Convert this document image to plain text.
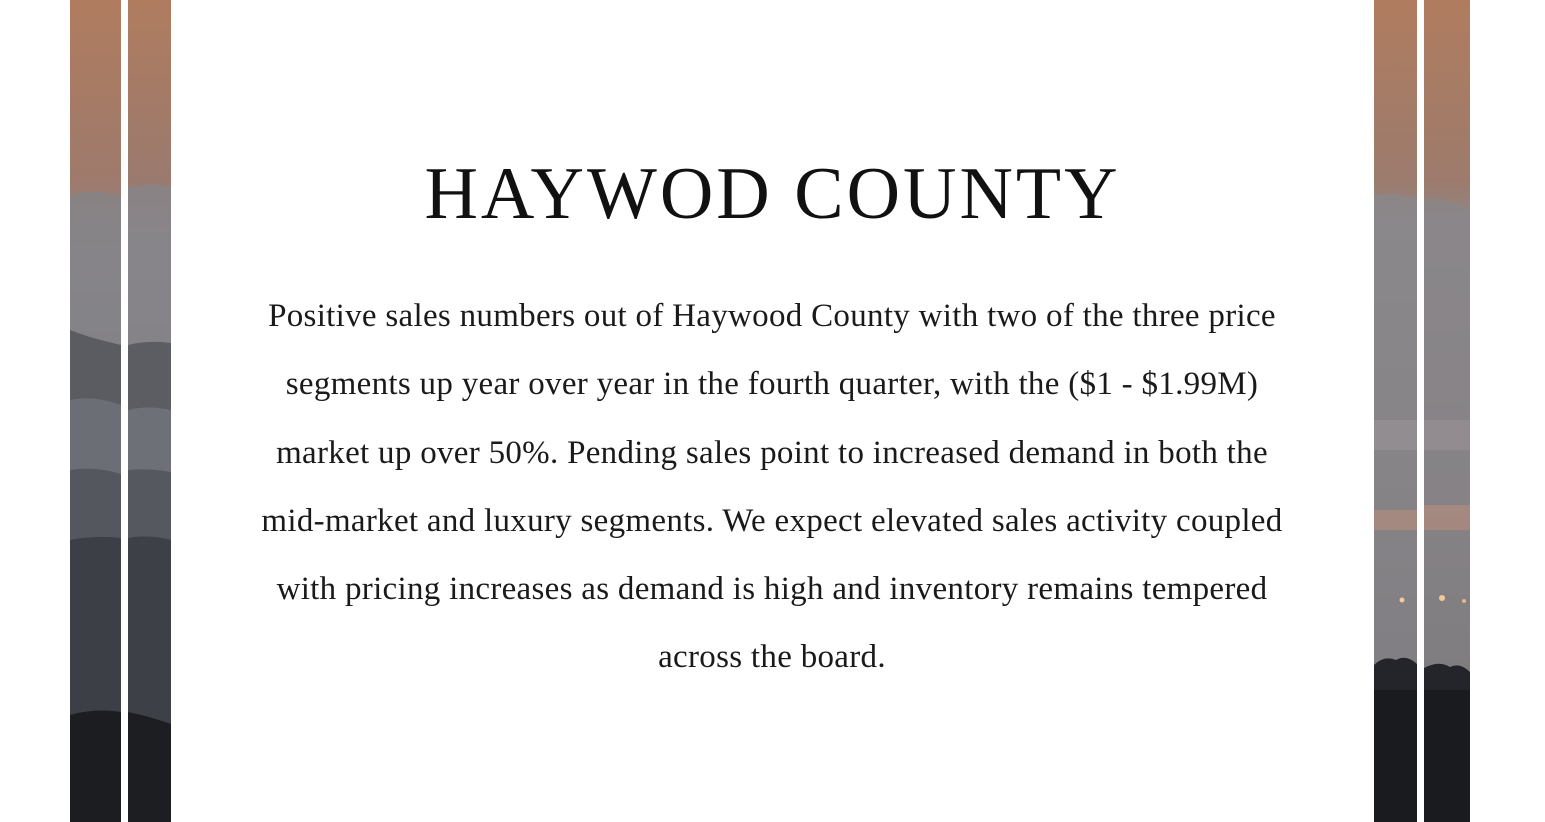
HAYWOD COUNTY

Positive sales numbers out of Haywood County with two of the three price segments up year over year in the fourth quarter, with the ($1 - $1.99M) market up over 50%. Pending sales point to increased demand in both the mid-market and luxury segments. We expect elevated sales activity coupled with pricing increases as demand is high and inventory remains tempered across the board.
